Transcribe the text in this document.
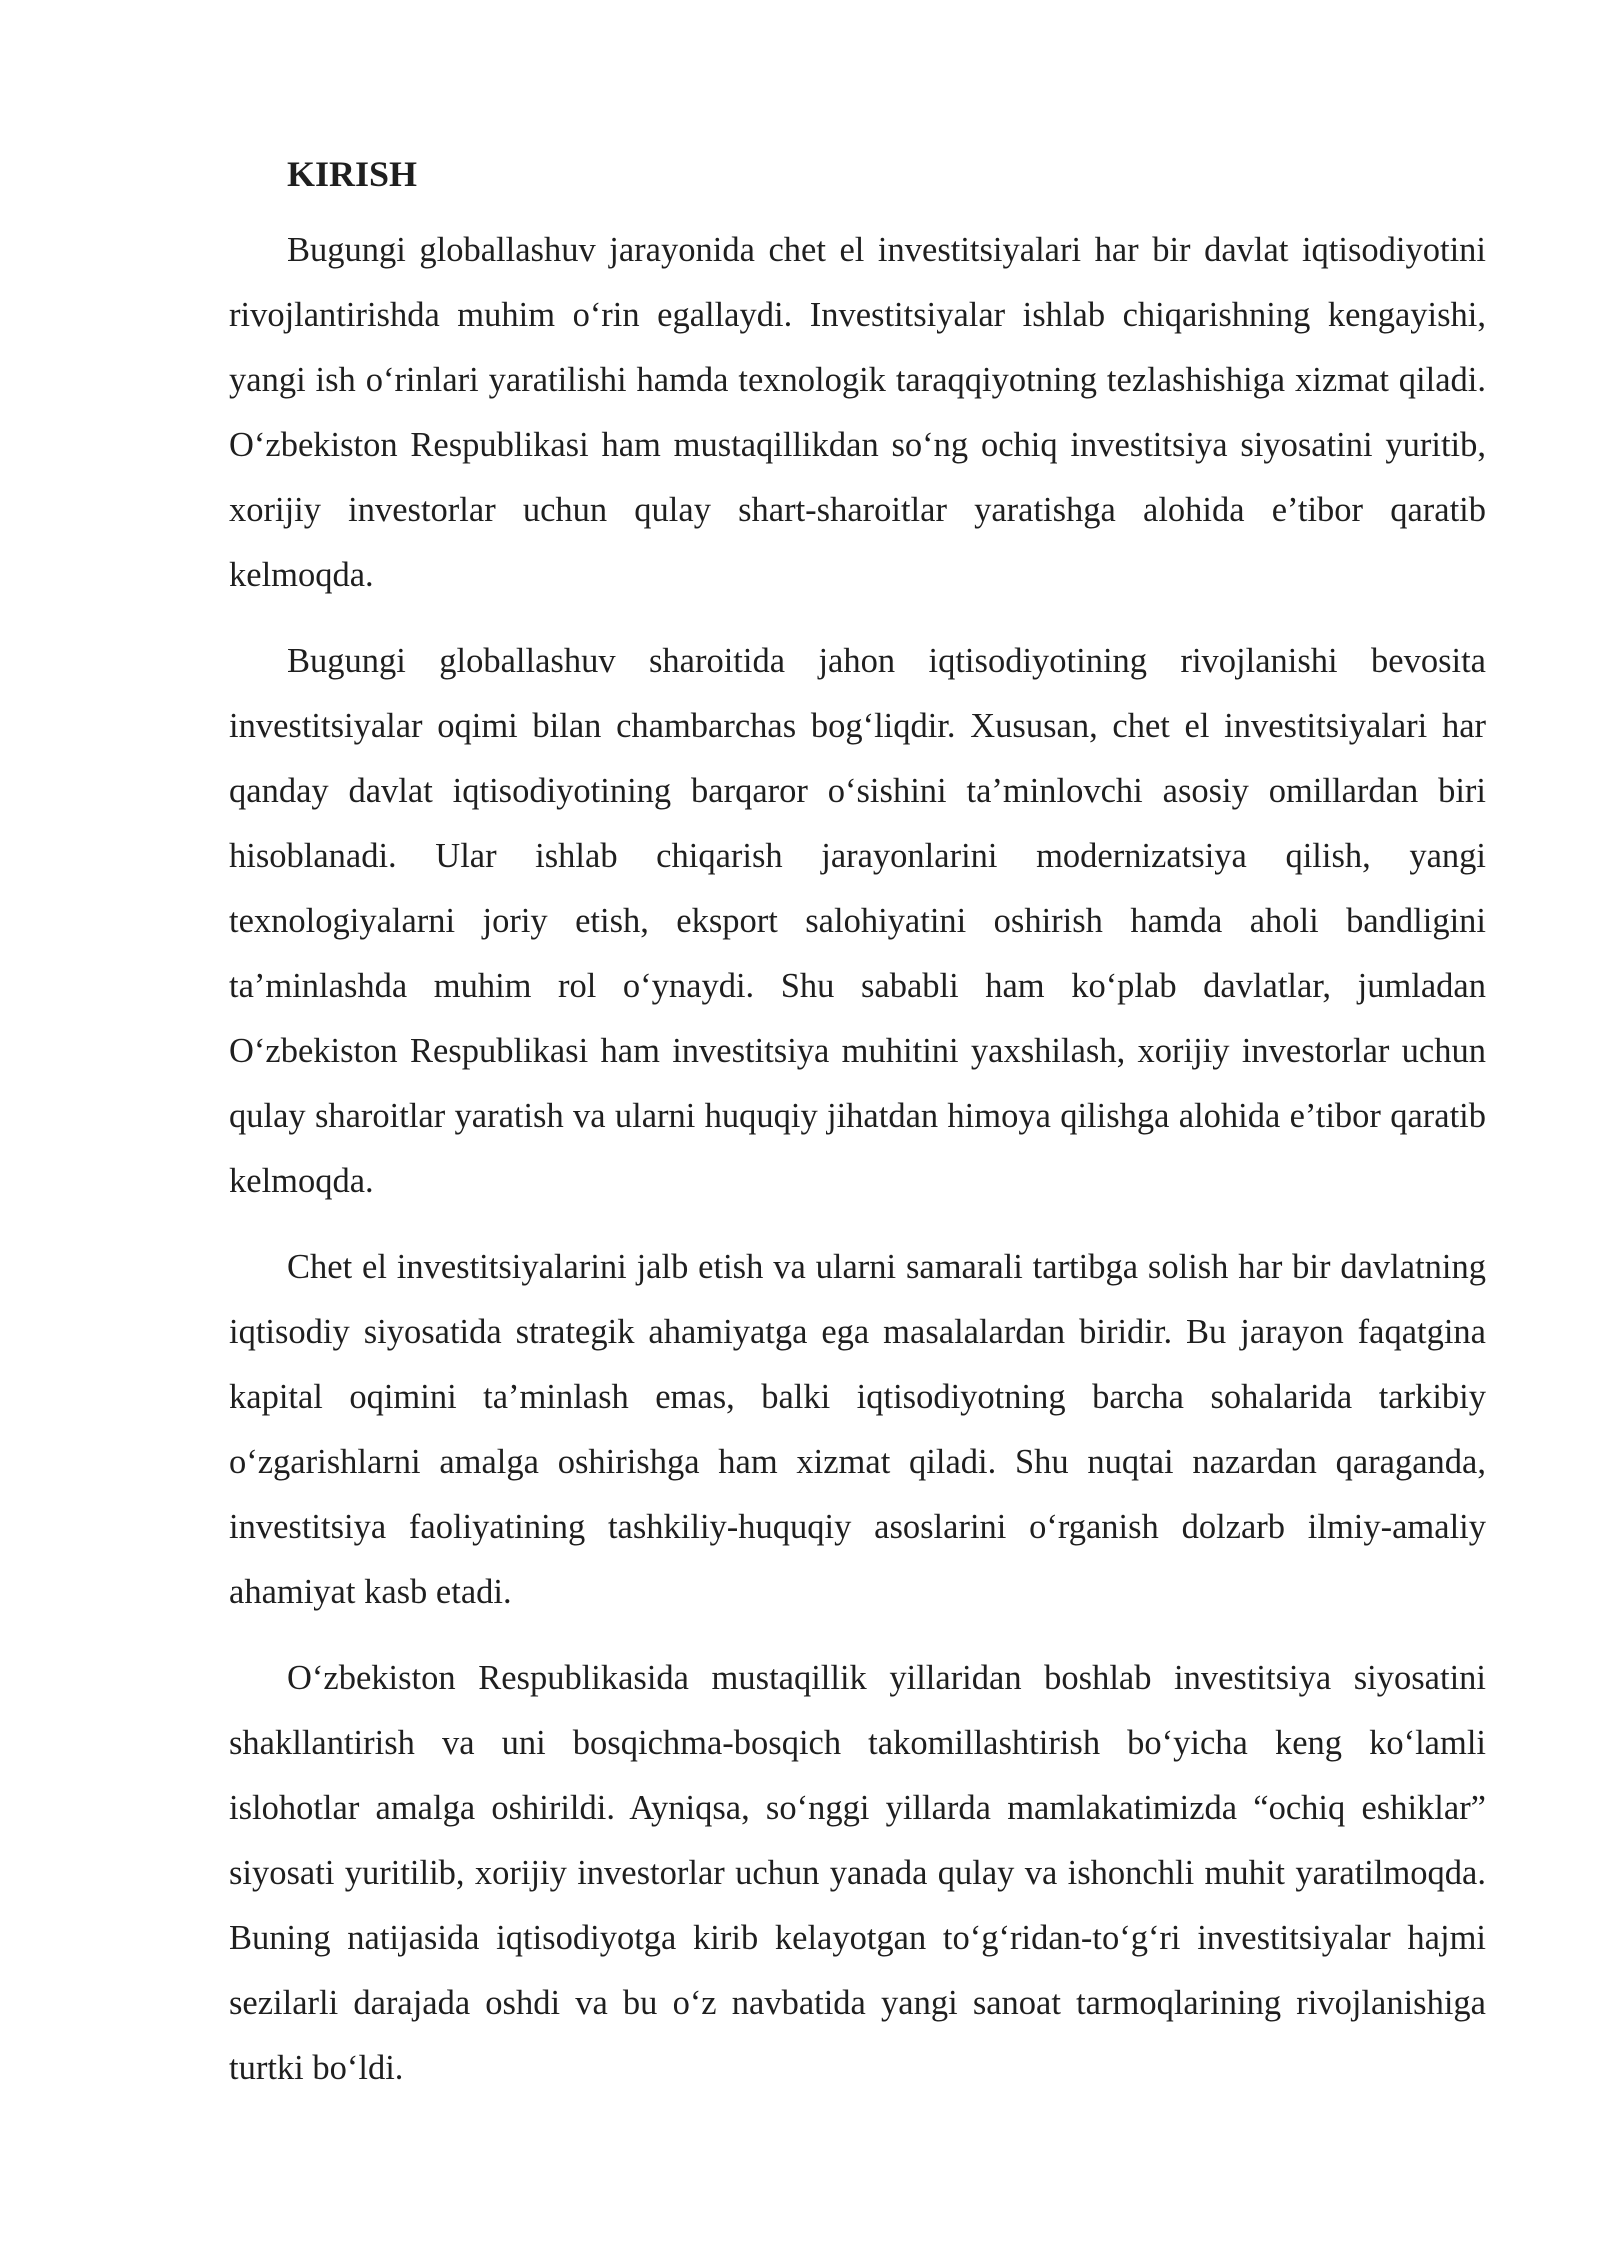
KIRISH

Bugungi globallashuv jarayonida chet el investitsiyalari har bir davlat iqtisodiyotini rivojlantirishda muhim o‘rin egallaydi. Investitsiyalar ishlab chiqarishning kengayishi, yangi ish o‘rinlari yaratilishi hamda texnologik taraqqiyotning tezlashishiga xizmat qiladi. O‘zbekiston Respublikasi ham mustaqillikdan so‘ng ochiq investitsiya siyosatini yuritib, xorijiy investorlar uchun qulay shart-sharoitlar yaratishga alohida e’tibor qaratib kelmoqda.

Bugungi globallashuv sharoitida jahon iqtisodiyotining rivojlanishi bevosita investitsiyalar oqimi bilan chambarchas bog‘liqdir. Xususan, chet el investitsiyalari har qanday davlat iqtisodiyotining barqaror o‘sishini ta’minlovchi asosiy omillardan biri hisoblanadi. Ular ishlab chiqarish jarayonlarini modernizatsiya qilish, yangi texnologiyalarni joriy etish, eksport salohiyatini oshirish hamda aholi bandligini ta’minlashda muhim rol o‘ynaydi. Shu sababli ham ko‘plab davlatlar, jumladan O‘zbekiston Respublikasi ham investitsiya muhitini yaxshilash, xorijiy investorlar uchun qulay sharoitlar yaratish va ularni huquqiy jihatdan himoya qilishga alohida e’tibor qaratib kelmoqda.

Chet el investitsiyalarini jalb etish va ularni samarali tartibga solish har bir davlatning iqtisodiy siyosatida strategik ahamiyatga ega masalalardan biridir. Bu jarayon faqatgina kapital oqimini ta’minlash emas, balki iqtisodiyotning barcha sohalarida tarkibiy o‘zgarishlarni amalga oshirishga ham xizmat qiladi. Shu nuqtai nazardan qaraganda, investitsiya faoliyatining tashkiliy-huquqiy asoslarini o‘rganish dolzarb ilmiy-amaliy ahamiyat kasb etadi.

O‘zbekiston Respublikasida mustaqillik yillaridan boshlab investitsiya siyosatini shakllantirish va uni bosqichma-bosqich takomillashtirish bo‘yicha keng ko‘lamli islohotlar amalga oshirildi. Ayniqsa, so‘nggi yillarda mamlakatimizda “ochiq eshiklar” siyosati yuritilib, xorijiy investorlar uchun yanada qulay va ishonchli muhit yaratilmoqda. Buning natijasida iqtisodiyotga kirib kelayotgan to‘g‘ridan-to‘g‘ri investitsiyalar hajmi sezilarli darajada oshdi va bu o‘z navbatida yangi sanoat tarmoqlarining rivojlanishiga turtki bo‘ldi.
